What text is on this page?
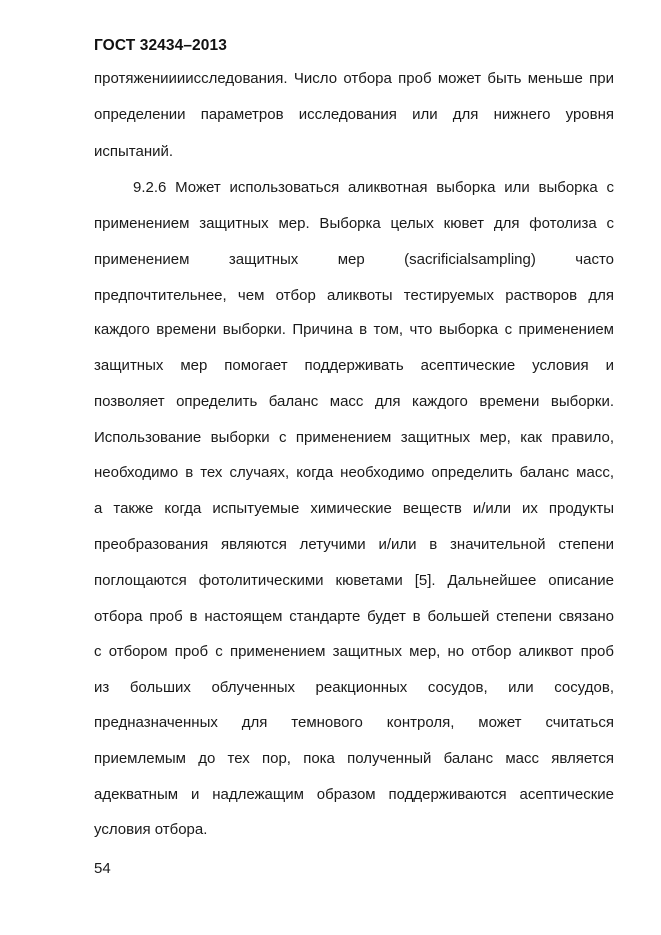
ГОСТ 32434–2013
протяжениииисследования. Число отбора проб может быть меньше при
определении параметров исследования или для нижнего уровня
испытаний.
9.2.6 Может использоваться аликвотная выборка или выборка с
применением защитных мер. Выборка целых кювет для фотолиза с
применением защитных мер (sacrificialsampling) часто
предпочтительнее, чем отбор аликвоты тестируемых растворов для
каждого времени выборки. Причина в том, что выборка с применением
защитных мер помогает поддерживать асептические условия и
позволяет определить баланс масс для каждого времени выборки.
Использование выборки с применением защитных мер, как правило,
необходимо в тех случаях, когда необходимо определить баланс масс,
а также когда испытуемые химические веществ и/или их продукты
преобразования являются летучими и/или в значительной степени
поглощаются фотолитическими кюветами [5]. Дальнейшее описание
отбора проб в настоящем стандарте будет в большей степени связано
с отбором проб с применением защитных мер, но отбор аликвот проб
из больших облученных реакционных сосудов, или сосудов,
предназначенных для темнового контроля, может считаться
приемлемым до тех пор, пока полученный баланс масс является
адекватным и надлежащим образом поддерживаются асептические
условия отбора.
54
